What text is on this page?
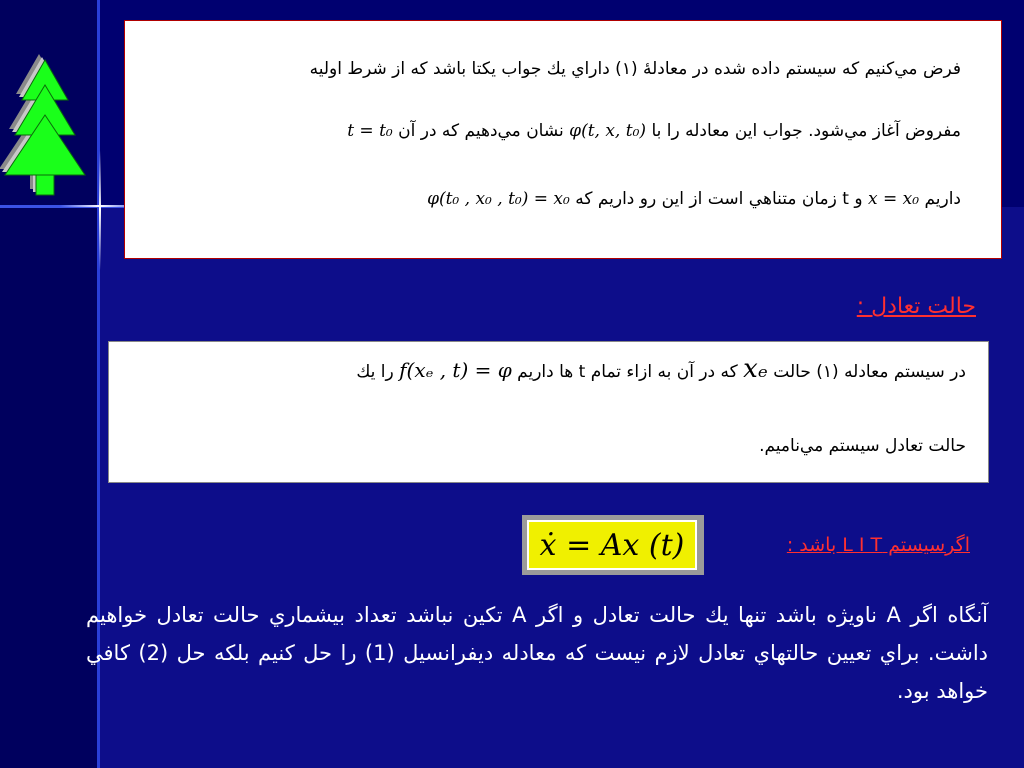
فرض مي‌كنيم كه سيستم داده شده در معادلۀ (۱) داراي يك جواب يكتا باشد كه از شرط اوليه
مفروض آغاز مي‌شود. جواب اين معادله را با φ(t, x, t₀) نشان مي‌دهيم كه در آن t = t₀
داريم x = x₀ و t زمان متناهي است از اين رو داريم كه φ(t₀ , x₀ , t₀) = x₀
حالت تعادل :
در سيستم معادله (۱) حالت xₑ كه در آن به ازاء تمام t ها داريم f(xₑ , t) = φ را يك
حالت تعادل سيستم مي‌ناميم.
ẋ = Ax (t)	اگرسيستم L I T باشد :
آنگاه اگر A ناويژه باشد تنها يك حالت تعادل و اگر A تكين نباشد تعداد بيشماري حالت تعادل خواهيم داشت. براي تعيين حالتهاي تعادل لازم نيست كه معادله ديفرانسيل (1) را حل كنيم بلكه حل (2) كافي خواهد بود.
